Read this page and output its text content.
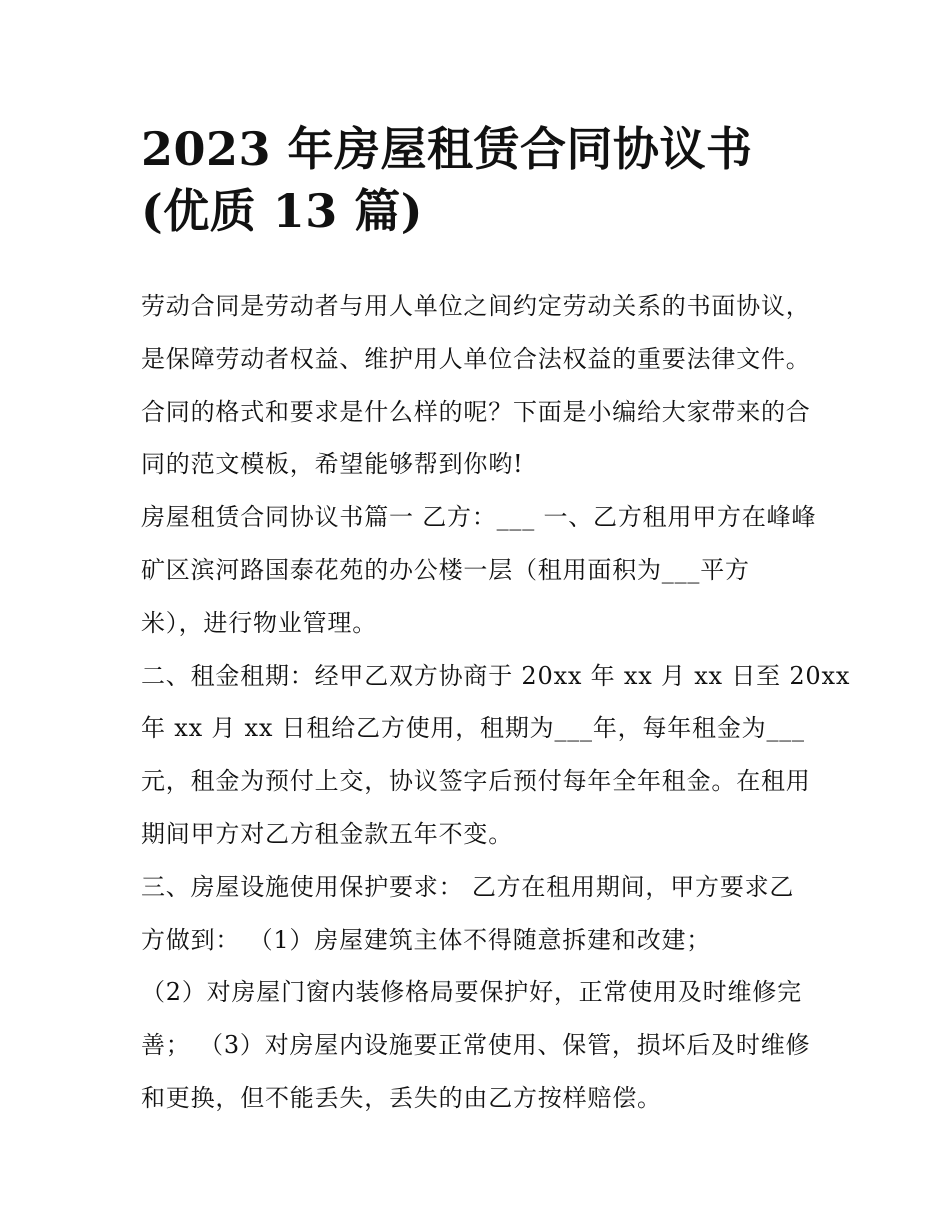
2023 年房屋租赁合同协议书
(优质 13 篇)
劳动合同是劳动者与用人单位之间约定劳动关系的书面协议，
是保障劳动者权益、维护用人单位合法权益的重要法律文件。
合同的格式和要求是什么样的呢？下面是小编给大家带来的合
同的范文模板，希望能够帮到你哟!
房屋租赁合同协议书篇一 乙方：___ 一、乙方租用甲方在峰峰
矿区滨河路国泰花苑的办公楼一层（租用面积为___平方
米），进行物业管理。
二、租金租期：经甲乙双方协商于 20xx 年 xx 月 xx 日至 20xx
年 xx 月 xx 日租给乙方使用，租期为___年，每年租金为___
元，租金为预付上交，协议签字后预付每年全年租金。在租用
期间甲方对乙方租金款五年不变。
三、房屋设施使用保护要求： 乙方在租用期间，甲方要求乙
方做到： （1）房屋建筑主体不得随意拆建和改建；
（2）对房屋门窗内装修格局要保护好，正常使用及时维修完
善； （3）对房屋内设施要正常使用、保管，损坏后及时维修
和更换，但不能丢失，丢失的由乙方按样赔偿。
